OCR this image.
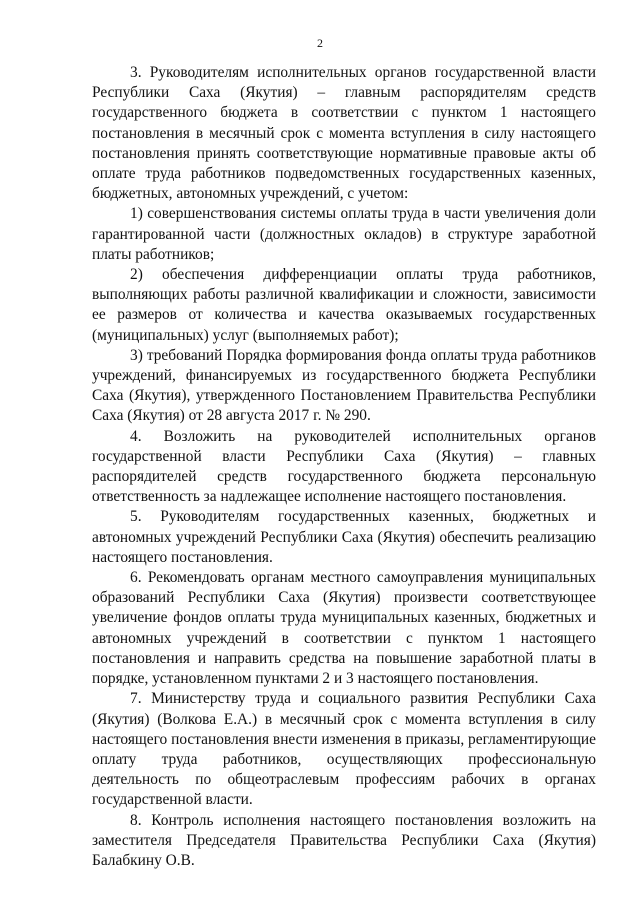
2

3. Руководителям исполнительных органов государственной власти Республики Саха (Якутия) – главным распорядителям средств государственного бюджета в соответствии с пунктом 1 настоящего постановления в месячный срок с момента вступления в силу настоящего постановления принять соответствующие нормативные правовые акты об оплате труда работников подведомственных государственных казенных, бюджетных, автономных учреждений, с учетом:

1) совершенствования системы оплаты труда в части увеличения доли гарантированной части (должностных окладов) в структуре заработной платы работников;

2) обеспечения дифференциации оплаты труда работников, выполняющих работы различной квалификации и сложности, зависимости ее размеров от количества и качества оказываемых государственных (муниципальных) услуг (выполняемых работ);

3) требований Порядка формирования фонда оплаты труда работников учреждений, финансируемых из государственного бюджета Республики Саха (Якутия), утвержденного Постановлением Правительства Республики Саха (Якутия) от 28 августа 2017 г. № 290.

4. Возложить на руководителей исполнительных органов государственной власти Республики Саха (Якутия) – главных распорядителей средств государственного бюджета персональную ответственность за надлежащее исполнение настоящего постановления.

5. Руководителям государственных казенных, бюджетных и автономных учреждений Республики Саха (Якутия) обеспечить реализацию настоящего постановления.

6. Рекомендовать органам местного самоуправления муниципальных образований Республики Саха (Якутия) произвести соответствующее увеличение фондов оплаты труда муниципальных казенных, бюджетных и автономных учреждений в соответствии с пунктом 1 настоящего постановления и направить средства на повышение заработной платы в порядке, установленном пунктами 2 и 3 настоящего постановления.

7. Министерству труда и социального развития Республики Саха (Якутия) (Волкова Е.А.) в месячный срок с момента вступления в силу настоящего постановления внести изменения в приказы, регламентирующие оплату труда работников, осуществляющих профессиональную деятельность по общеотраслевым профессиям рабочих в органах государственной власти.

8. Контроль исполнения настоящего постановления возложить на заместителя Председателя Правительства Республики Саха (Якутия) Балабкину О.В.
